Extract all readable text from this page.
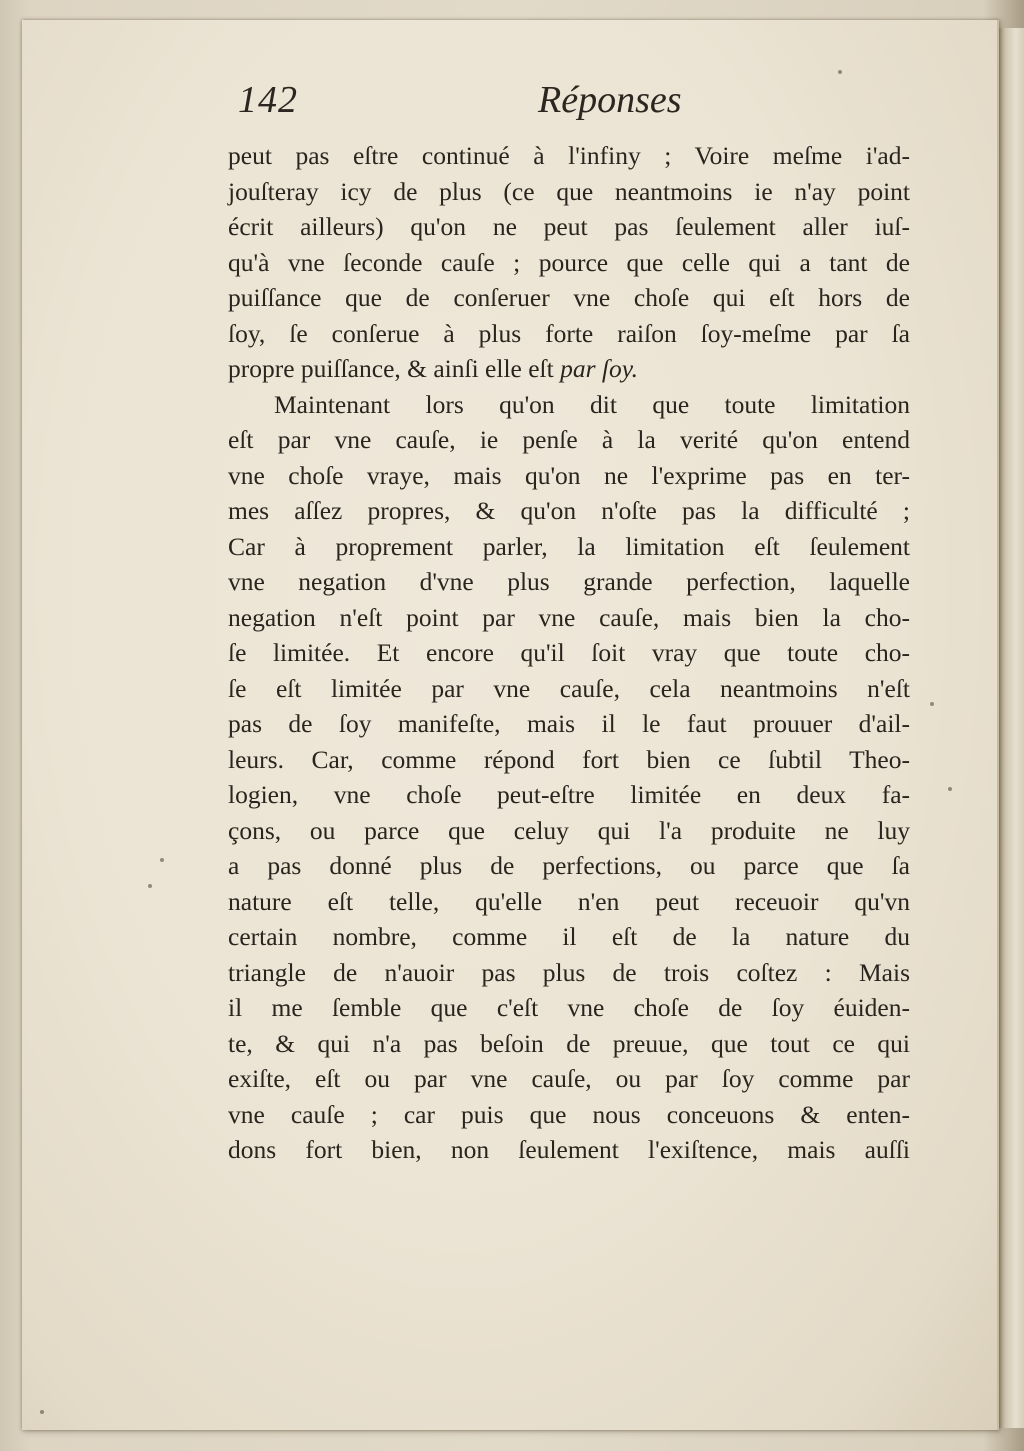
142	Réponses
peut pas eſtre continué à l'infiny ; Voire meſme i'ad-
jouſteray icy de plus (ce que neantmoins ie n'ay point
écrit ailleurs) qu'on ne peut pas ſeulement aller iuſ-
qu'à vne ſeconde cauſe ; pource que celle qui a tant de
puiſſance que de conſeruer vne choſe qui eſt hors de
ſoy, ſe conſerue à plus forte raiſon ſoy-meſme par ſa
propre puiſſance, & ainſi elle eſt par ſoy.
Maintenant lors qu'on dit que toute limitation
eſt par vne cauſe, ie penſe à la verité qu'on entend
vne choſe vraye, mais qu'on ne l'exprime pas en ter-
mes aſſez propres, & qu'on n'oſte pas la difficulté ;
Car à proprement parler, la limitation eſt ſeulement
vne negation d'vne plus grande perfection, laquelle
negation n'eſt point par vne cauſe, mais bien la cho-
ſe limitée. Et encore qu'il ſoit vray que toute cho-
ſe eſt limitée par vne cauſe, cela neantmoins n'eſt
pas de ſoy manifeſte, mais il le faut prouuer d'ail-
leurs. Car, comme répond fort bien ce ſubtil Theo-
logien, vne choſe peut-eſtre limitée en deux fa-
çons, ou parce que celuy qui l'a produite ne luy
a pas donné plus de perfections, ou parce que ſa
nature eſt telle, qu'elle n'en peut receuoir qu'vn
certain nombre, comme il eſt de la nature du
triangle de n'auoir pas plus de trois coſtez : Mais
il me ſemble que c'eſt vne choſe de ſoy éuiden-
te, & qui n'a pas beſoin de preuue, que tout ce qui
exiſte, eſt ou par vne cauſe, ou par ſoy comme par
vne cauſe ; car puis que nous conceuons & enten-
dons fort bien, non ſeulement l'exiſtence, mais auſſi
